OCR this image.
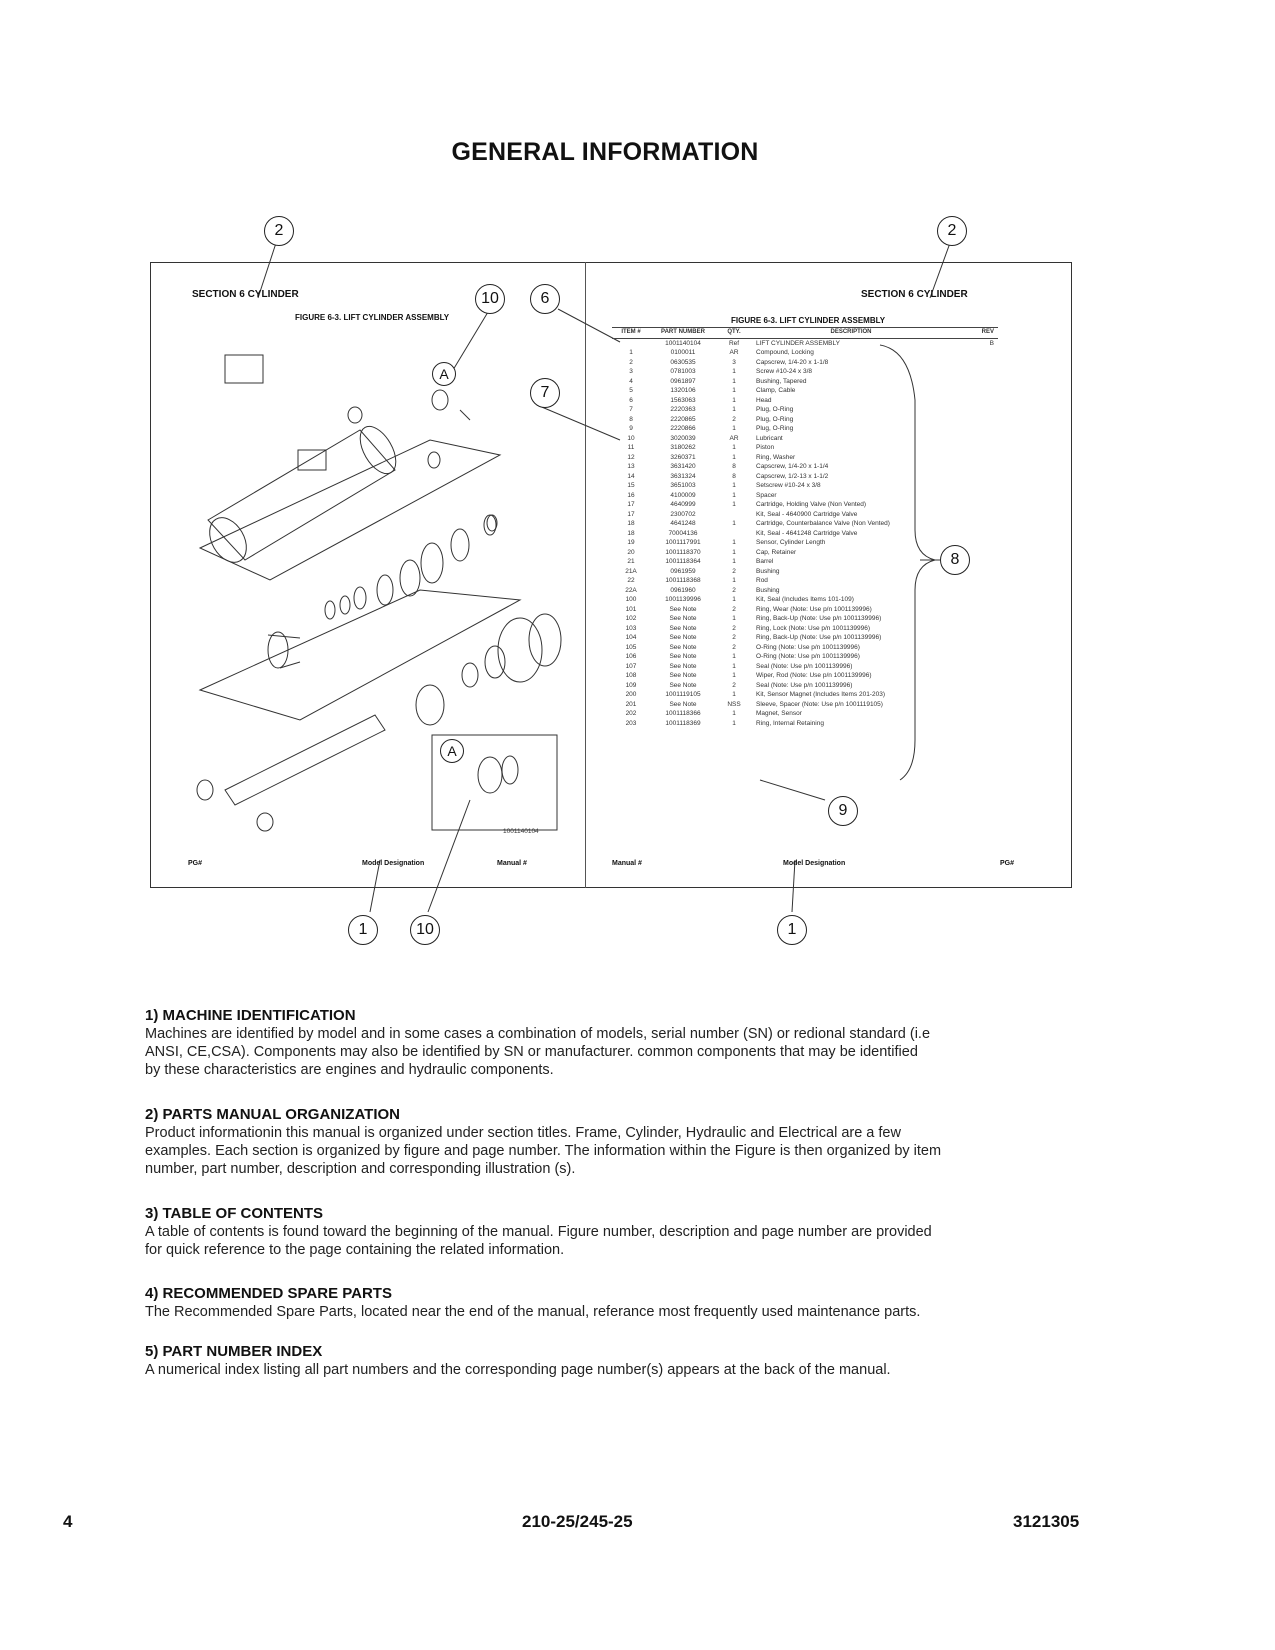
GENERAL INFORMATION
SECTION 6 CYLINDER
FIGURE 6-3. LIFT CYLINDER ASSEMBLY
1001140104
PG#	Model Designation	Manual #
A
A
SECTION 6 CYLINDER
FIGURE 6-3. LIFT CYLINDER ASSEMBLY
ITEM #	PART NUMBER	QTY.	DESCRIPTION	REV
	1001140104	Ref	LIFT CYLINDER ASSEMBLY	B
1	0100011	AR	Compound, Locking	
2	0630535	3	Capscrew, 1/4-20 x 1-1/8	
3	0781003	1	Screw #10-24 x 3/8	
4	0961897	1	Bushing, Tapered	
5	1320106	1	Clamp, Cable	
6	1563063	1	Head	
7	2220363	1	Plug, O-Ring	
8	2220865	2	Plug, O-Ring	
9	2220866	1	Plug, O-Ring	
10	3020039	AR	Lubricant	
11	3180262	1	Piston	
12	3260371	1	Ring, Washer	
13	3631420	8	Capscrew, 1/4-20 x 1-1/4	
14	3631324	8	Capscrew, 1/2-13 x 1-1/2	
15	3651003	1	Setscrew #10-24 x 3/8	
16	4100009	1	Spacer	
17	4640999	1	Cartridge, Holding Valve (Non Vented)	
17	2300702		Kit, Seal - 4640900 Cartridge Valve	
18	4641248	1	Cartridge, Counterbalance Valve (Non Vented)	
18	70004136		Kit, Seal - 4641248 Cartridge Valve	
19	1001117991	1	Sensor, Cylinder Length	
20	1001118370	1	Cap, Retainer	
21	1001118364	1	Barrel	
21A	0961959	2	Bushing	
22	1001118368	1	Rod	
22A	0961960	2	Bushing	
100	1001139996	1	Kit, Seal (Includes Items 101-109)	
101	See Note	2	Ring, Wear (Note: Use p/n 1001139996)	
102	See Note	1	Ring, Back-Up (Note: Use p/n 1001139996)	
103	See Note	2	Ring, Lock (Note: Use p/n 1001139996)	
104	See Note	2	Ring, Back-Up (Note: Use p/n 1001139996)	
105	See Note	2	O-Ring (Note: Use p/n 1001139996)	
106	See Note	1	O-Ring (Note: Use p/n 1001139996)	
107	See Note	1	Seal (Note: Use p/n 1001139996)	
108	See Note	1	Wiper, Rod (Note: Use p/n 1001139996)	
109	See Note	2	Seal (Note: Use p/n 1001139996)	
200	1001119105	1	Kit, Sensor Magnet (Includes Items 201-203)	
201	See Note	NSS	Sleeve, Spacer (Note: Use p/n 1001119105)	
202	1001118366	1	Magnet, Sensor	
203	1001118369	1	Ring, Internal Retaining	
Manual #	Model Designation	PG#
2	2
10	6
7
8
9
1	10	1
1) MACHINE IDENTIFICATION

Machines are identified by model and in some cases a combination of models, serial number (SN) or redional standard (i.e

ANSI, CE,CSA). Components may also be identified by SN or manufacturer. common components that may be identified

by these characteristics are engines and hydraulic components.

2) PARTS MANUAL ORGANIZATION

Product informationin this manual is organized under section titles. Frame, Cylinder, Hydraulic and Electrical are a few

examples. Each section is organized by figure and page number. The information within the Figure is then organized by item

number, part number, description and corresponding illustration (s).

3) TABLE OF CONTENTS

A table of contents is found toward the beginning of the manual. Figure number, description and page number are provided

for quick reference to the page containing the related information.

4) RECOMMENDED SPARE PARTS

The Recommended Spare Parts, located near the end of the manual, referance most frequently used maintenance parts.

5) PART NUMBER INDEX

A numerical index listing all part numbers and the corresponding page number(s) appears at the back of the manual.

4	210-25/245-25	3121305
